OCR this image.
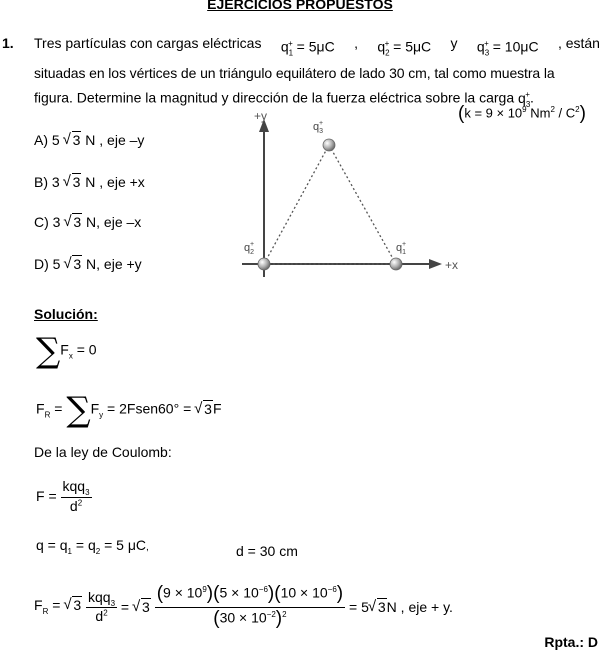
EJERCICIOS PROPUESTOS
1. Tres partículas con cargas eléctricas $q_1^+ = 5\mu C$ , $q_2^+ = 5\mu C$ y $q_3^+ = 10\mu C$ , están
situadas en los vértices de un triángulo equilátero de lado 30 cm, tal como muestra la
figura. Determine la magnitud y dirección de la fuerza eléctrica sobre la carga $q_3^+$.
($k = 9 \times 10^9$ $Nm^2 / C^2$)
A) 5 √ 3 N , eje –y
B) 3 √ 3 N , eje +x
C) 3 √ 3 N, eje –x
D) 5 √ 3 N, eje +y
+y
+x
$q_3+$
$q_2+$	$q_1+$
Solución:
$\sum F_x = 0$
$F_R = \sum F_y$ = 2Fsen60° = √ 3F
De la ley de Coulomb:
$F = \frac{kqq_3}{d^2}$
$q = q_1 = q_2 = 5$ μC,	d = 30 cm
$F_R$ = √ $3 \frac{kqq_3}{d^2}$ = √ $3 \frac{(9 \times 10^9)(5 \times 10^{-6})(10 \times 10^{-6})}{(30 \times 10^{-2})^2} = 5√$ 3N , eje + y.
Rpta.: D
